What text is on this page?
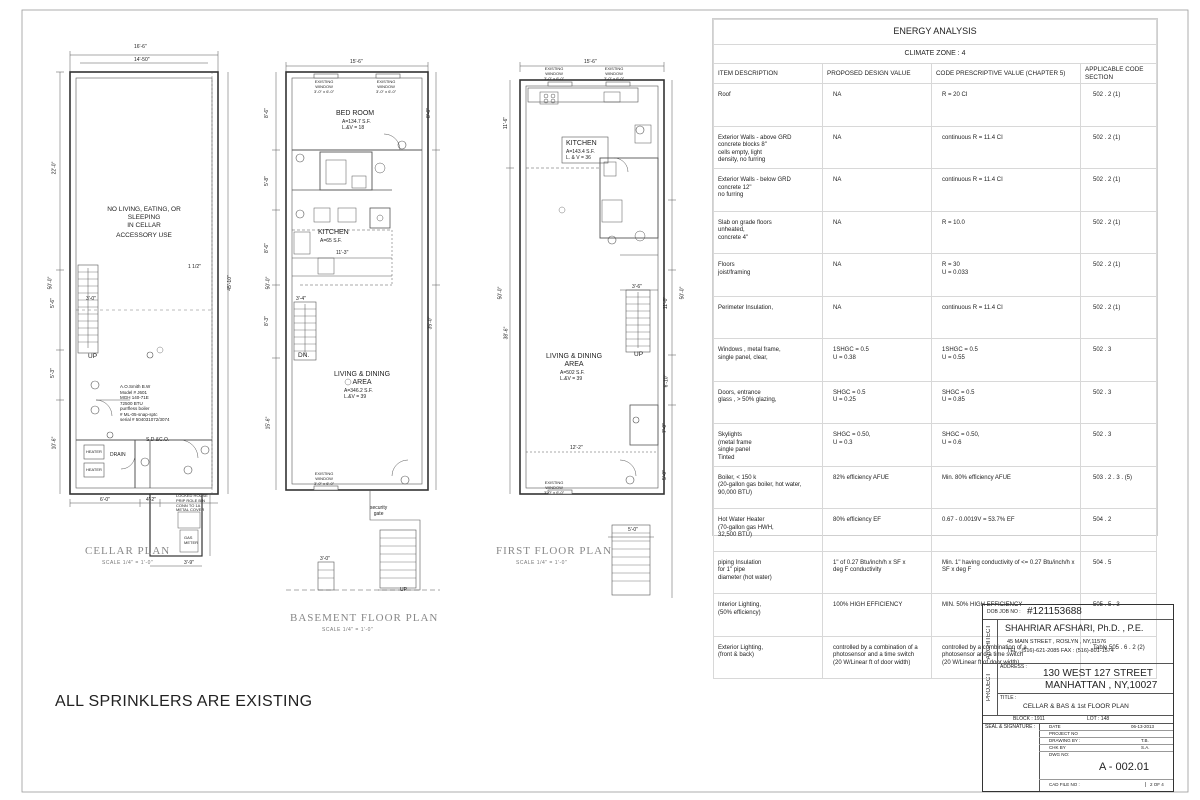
16'-6"
14'-50"
22'-0"
5'-6"
5'-3"
10'-6"
45'-10"
50'-0"
NO LIVING, EATING, OR
SLEEPING
IN CELLAR
ACCESSORY USE
1 1/2"
3'-0"
UP
A.O.Smith B.W
Model # J601
MGH 140-71E
72500 BTU
purrfless boiler
# ML-05-snap-sptc
serial # 504031072/3074
S.D.&C.O.
HEATER
HEATER
DRAIN
6'-0"	4'-2"
3'-9"
LOCKED HOUSE
PRIP ROLE BIN
CONN TO 1A
METAL COVER
GAS
METER
CELLAR PLAN
SCALE 1/4" = 1'-0"
15'-6"
EXISTING
WINDOW
3'-0" x 6'-0"
EXISTING
WINDOW
3'-0" x 6'-0"
BED ROOM
A=134.7 S.F.
L.&V = 18
KITCHEN
A=65 S.F.
11'-3"
3'-4"
DN.
LIVING & DINING
AREA
A=346.2 S.F.
L.&V = 39
EXISTING
WINDOW
3'-0" x 6'-0"
security
gate
3'-0"
UP
8'-6"
5'-8"
8'-6"
8'-3"
15'-6"
50'-0"
35'-0"
8'-6"
BASEMENT FLOOR PLAN
SCALE 1/4" = 1'-0"
15'-6"
EXISTING
WINDOW
3'-0" x 6'-0"
EXISTING
WINDOW
3'-0" x 6'-0"
KITCHEN
A=143.4 S.F.
L. & V = 36
LIVING & DINING
AREA
A=502 S.F.
L.&V = 39
12'-2"
EXISTING
WINDOW
3'-0" x 6'-0"
UP
3'-6"
5'-0"
50'-0"
38'-6"
11'-6"
50'-0"
11'-0"
6'-10"
7'-0"
5'-0"
FIRST FLOOR PLAN
SCALE 1/4" = 1'-0"
ENERGY ANALYSIS			
CLIMATE ZONE : 4			
ITEM DESCRIPTION	PROPOSED DESIGN VALUE	CODE PRESCRIPTIVE VALUE (CHAPTER 5)	APPLICABLE CODE SECTION
Roof	NA	R = 20 CI	502 . 2 (1)
Exterior Walls - above GRD
concrete blocks 8"
cells empty, light
density, no furring	NA	continuous R = 11.4 CI	502 . 2 (1)
Exterior Walls - below GRD
concrete 12"
no furring	NA	continuous R = 11.4 CI	502 . 2 (1)
Slab on grade floors
unheated,
concrete 4"	NA	R = 10.0	502 . 2 (1)
Floors
joist/framing	NA	R = 30
U = 0.033	502 . 2 (1)
Perimeter Insulation,	NA	continuous R = 11.4 CI	502 . 2 (1)
Windows , metal frame,
single panel, clear,	1SHGC = 0.5
U = 0.38	1SHGC = 0.5
U = 0.55	502 . 3
Doors, entrance
glass , > 50% glazing,	SHGC = 0.5
U = 0.25	SHGC = 0.5
U = 0.85	502 . 3
Skylights
(metal frame
single panel
Tinted	SHGC = 0.50,
U = 0.3	SHGC = 0.50,
U = 0.6	502 . 3
Boiler, < 150 k
(20-gallon gas boiler, hot water,
90,000 BTU)	82% efficiency AFUE	Min. 80% efficiency AFUE	503 . 2 . 3 . (5)
Hot Water Heater
(70-gallon gas HWH,
32,500 BTU)	80% efficiency EF	0.67 - 0.0019V = 53.7% EF	504 . 2
piping Insulation
for 1" pipe
diameter (hot water)	1" of 0.27 Btu/inch/h x SF x
deg F conductivity	Min. 1" having conductivity of <= 0.27 Btu/inch/h x
SF x deg F	504 . 5
Interior Lighting,
(50% efficiency)	100% HIGH EFFICIENCY	MIN. 50% HIGH EFFICIENCY	505 . 5 . 3
Exterior Lighting,
(front & back)	controlled by a combination of a
photosensor and a time switch
(20 W/Linear ft of door width)	controlled by a combination of a
photosensor and a time switch
(20 W/Linear ft of door width)	Table 505 . 6 . 2 (2)
ALL SPRINKLERS ARE EXISTING
DOB JOB NO : #121153688
ARCHITECT SHAHRIAR AFSHARI, Ph.D. , P.E.
45 MAIN STREET , ROSLYN , NY,11576
TEL : (516)-621-2085 FAX : (516)-801-1574
PROJECT
ADDRESS :
130 WEST 127 STREET
MANHATTAN , NY,10027
TITLE :
CELLAR & BAS & 1st FLOOR PLAN
BLOCK : 1911	LOT : 148
SEAL & SIGNATURE :	DATE	06-13-2013
PROJECT NO
DRAWING BY :	T.B.
CHK BY	S.A.
DWG NO:
A - 002.01
CAD FILE NO :	2 OF 4
